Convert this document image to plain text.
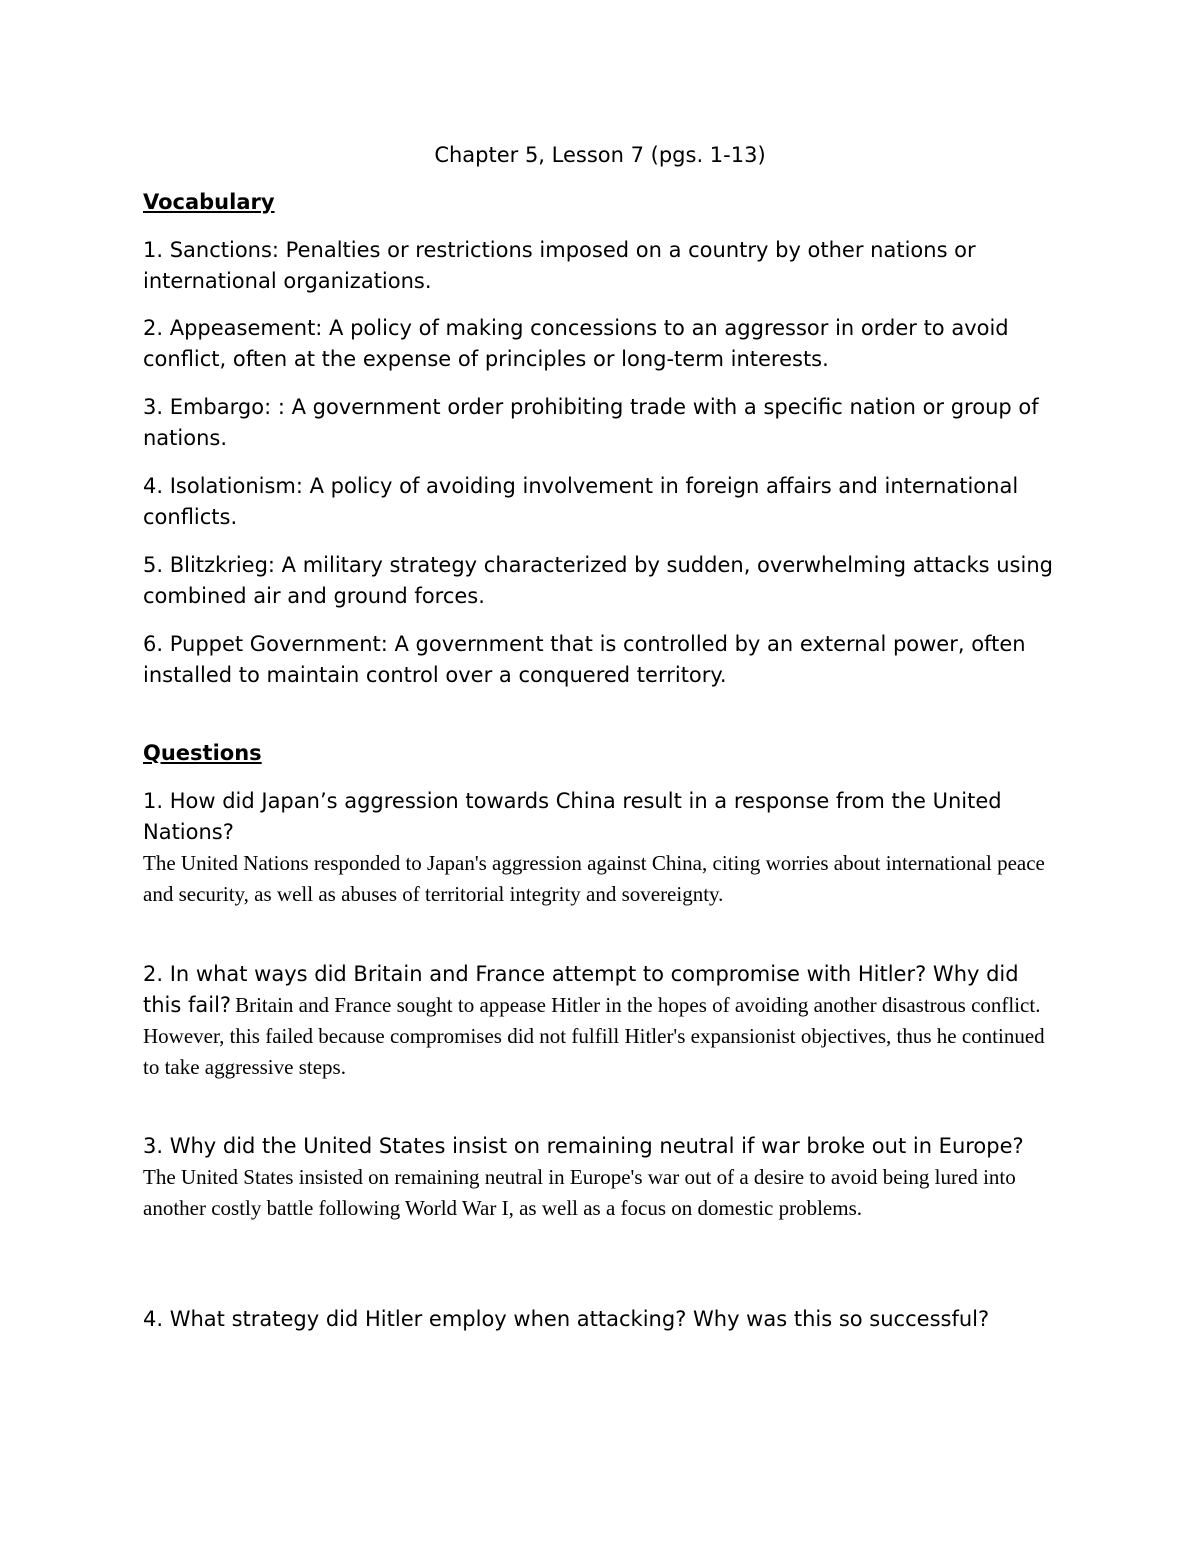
Chapter 5, Lesson 7 (pgs. 1-13)
Vocabulary

1. Sanctions: Penalties or restrictions imposed on a country by other nations or international organizations.

2. Appeasement: A policy of making concessions to an aggressor in order to avoid conflict, often at the expense of principles or long-term interests.

3. Embargo: : A government order prohibiting trade with a specific nation or group of nations.

4. Isolationism: A policy of avoiding involvement in foreign affairs and international conflicts.

5. Blitzkrieg: A military strategy characterized by sudden, overwhelming attacks using combined air and ground forces.

6. Puppet Government: A government that is controlled by an external power, often installed to maintain control over a conquered territory.

Questions
1. How did Japan’s aggression towards China result in a response from the United Nations?
The United Nations responded to Japan's aggression against China, citing worries about international peace and security, as well as abuses of territorial integrity and sovereignty.
2. In what ways did Britain and France attempt to compromise with Hitler? Why did this fail? Britain and France sought to appease Hitler in the hopes of avoiding another disastrous conflict. However, this failed because compromises did not fulfill Hitler's expansionist objectives, thus he continued to take aggressive steps.
3. Why did the United States insist on remaining neutral if war broke out in Europe?
The United States insisted on remaining neutral in Europe's war out of a desire to avoid being lured into another costly battle following World War I, as well as a focus on domestic problems.
4. What strategy did Hitler employ when attacking? Why was this so successful?
